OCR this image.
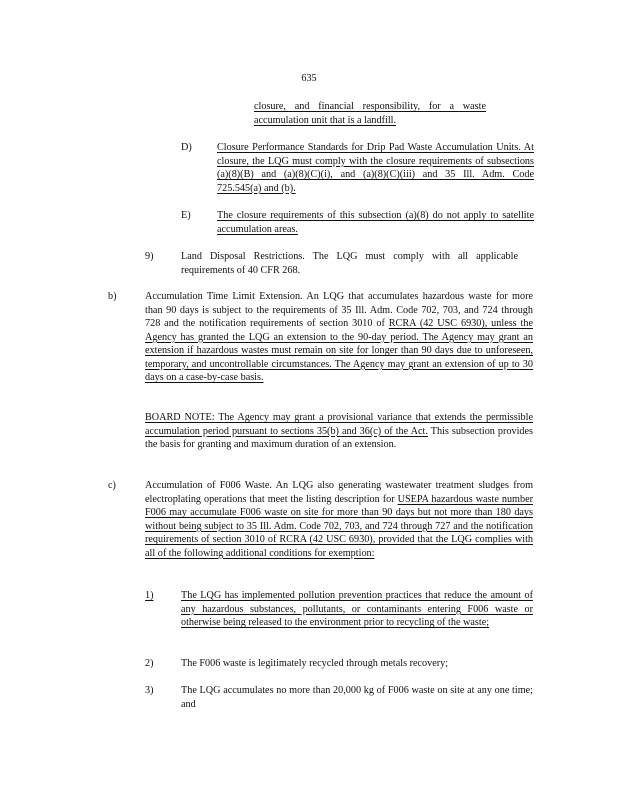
635
closure, and financial responsibility, for a waste accumulation unit that is a landfill.
D) Closure Performance Standards for Drip Pad Waste Accumulation Units. At closure, the LQG must comply with the closure requirements of subsections (a)(8)(B) and (a)(8)(C)(i), and (a)(8)(C)(iii) and 35 Ill. Adm. Code 725.545(a) and (b).
E)	The closure requirements of this subsection (a)(8) do not apply to satellite accumulation areas.
9)	Land Disposal Restrictions. The LQG must comply with all applicable requirements of 40 CFR 268.
b)	Accumulation Time Limit Extension. An LQG that accumulates hazardous waste for more than 90 days is subject to the requirements of 35 Ill. Adm. Code 702, 703, and 724 through 728 and the notification requirements of section 3010 of RCRA (42 USC 6930), unless the Agency has granted the LQG an extension to the 90-day period. The Agency may grant an extension if hazardous wastes must remain on site for longer than 90 days due to unforeseen, temporary, and uncontrollable circumstances. The Agency may grant an extension of up to 30 days on a case-by-case basis.
BOARD NOTE: The Agency may grant a provisional variance that extends the permissible accumulation period pursuant to sections 35(b) and 36(c) of the Act. This subsection provides the basis for granting and maximum duration of an extension.
c)	Accumulation of F006 Waste. An LQG also generating wastewater treatment sludges from electroplating operations that meet the listing description for USEPA hazardous waste number F006 may accumulate F006 waste on site for more than 90 days but not more than 180 days without being subject to 35 Ill. Adm. Code 702, 703, and 724 through 727 and the notification requirements of section 3010 of RCRA (42 USC 6930), provided that the LQG complies with all of the following additional conditions for exemption:
1)	The LQG has implemented pollution prevention practices that reduce the amount of any hazardous substances, pollutants, or contaminants entering F006 waste or otherwise being released to the environment prior to recycling of the waste;
2)	The F006 waste is legitimately recycled through metals recovery;
3)	The LQG accumulates no more than 20,000 kg of F006 waste on site at any one time; and
